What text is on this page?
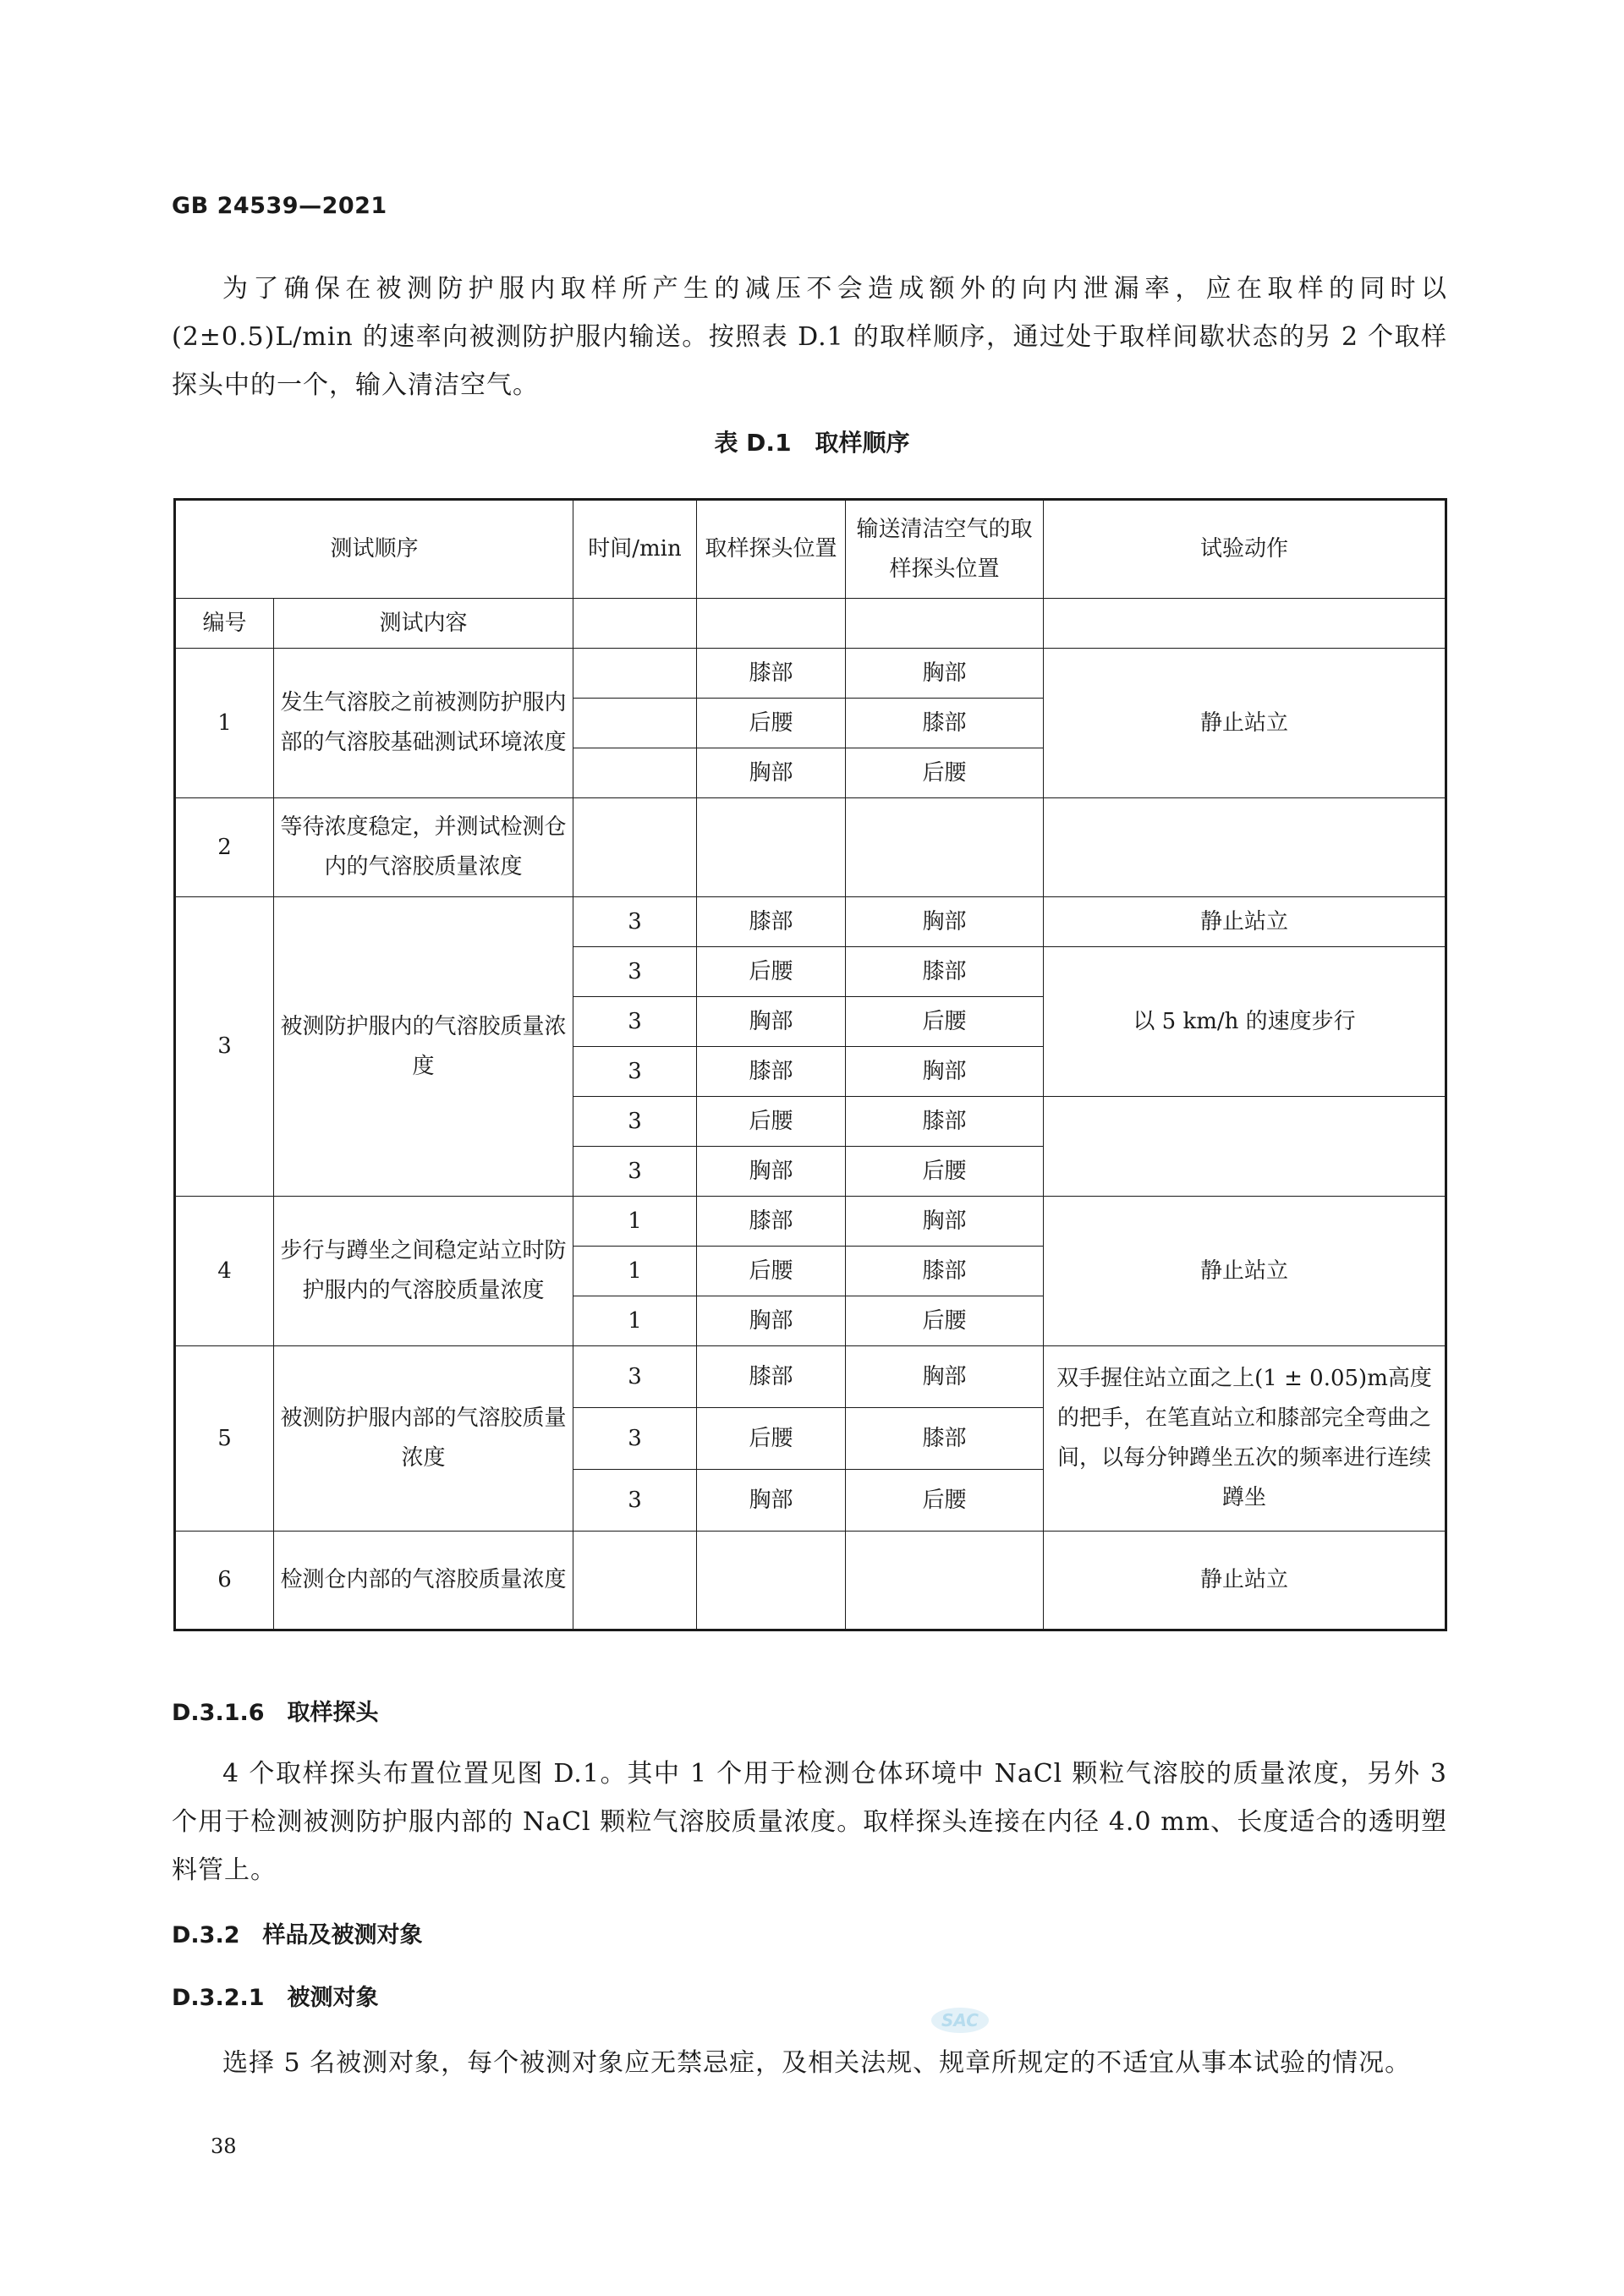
GB 24539—2021
为了确保在被测防护服内取样所产生的减压不会造成额外的向内泄漏率，应在取样的同时以(2±0.5)L/min 的速率向被测防护服内输送。按照表 D.1 的取样顺序，通过处于取样间歇状态的另 2 个取样探头中的一个，输入清洁空气。
表 D.1　取样顺序
测试顺序		时间/min	取样探头位置	输送清洁空气的取样探头位置	试验动作
编号	测试内容				
1	发生气溶胶之前被测防护服内部的气溶胶基础测试环境浓度		膝部	胸部	静止站立
			后腰	膝部	
			胸部	后腰	
2	等待浓度稳定，并测试检测仓内的气溶胶质量浓度				
3	被测防护服内的气溶胶质量浓度	3	膝部	胸部	静止站立
		3	后腰	膝部	以 5 km/h 的速度步行
		3	胸部	后腰	
		3	膝部	胸部	
		3	后腰	膝部	
		3	胸部	后腰	
4	步行与蹲坐之间稳定站立时防护服内的气溶胶质量浓度	1	膝部	胸部	静止站立
		1	后腰	膝部	
		1	胸部	后腰	
5	被测防护服内部的气溶胶质量浓度	3	膝部	胸部	双手握住站立面之上(1 ± 0.05)m高度的把手，在笔直站立和膝部完全弯曲之间，以每分钟蹲坐五次的频率进行连续蹲坐
		3	后腰	膝部	
		3	胸部	后腰	
6	检测仓内部的气溶胶质量浓度				静止站立
D.3.1.6　取样探头
4 个取样探头布置位置见图 D.1。其中 1 个用于检测仓体环境中 NaCl 颗粒气溶胶的质量浓度，另外 3 个用于检测被测防护服内部的 NaCl 颗粒气溶胶质量浓度。取样探头连接在内径 4.0 mm、长度适合的透明塑料管上。
D.3.2　样品及被测对象
D.3.2.1　被测对象
选择 5 名被测对象，每个被测对象应无禁忌症，及相关法规、规章所规定的不适宜从事本试验的情况。
SAC
38
